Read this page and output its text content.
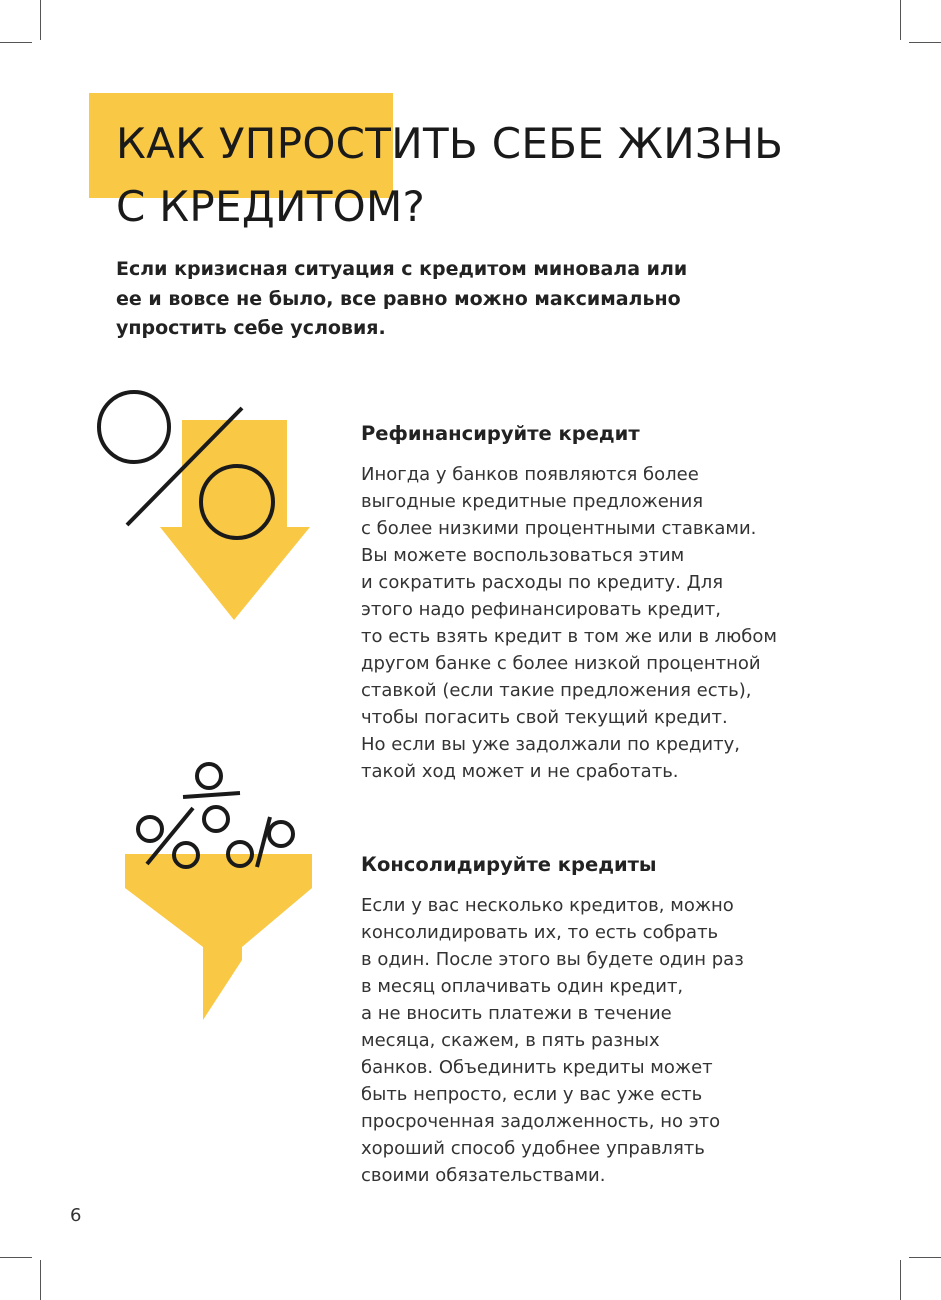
КАК УПРОСТИТЬ СЕБЕ ЖИЗНЬ
С КРЕДИТОМ?

Если кризисная ситуация с кредитом миновала или
ее и вовсе не было, все равно можно максимально
упростить себе условия.

Рефинансируйте кредит

Иногда у банков появляются более
выгодные кредитные предложения
с более низкими процентными ставками.
Вы можете воспользоваться этим
и сократить расходы по кредиту. Для
этого надо рефинансировать кредит,
то есть взять кредит в том же или в любом
другом банке с более низкой процентной
ставкой (если такие предложения есть),
чтобы погасить свой текущий кредит.
Но если вы уже задолжали по кредиту,
такой ход может и не сработать.

Консолидируйте кредиты

Если у вас несколько кредитов, можно
консолидировать их, то есть собрать
в один. После этого вы будете один раз
в месяц оплачивать один кредит,
а не вносить платежи в течение
месяца, скажем, в пять разных
банков. Объединить кредиты может
быть непросто, если у вас уже есть
просроченная задолженность, но это
хороший способ удобнее управлять
своими обязательствами.

6
